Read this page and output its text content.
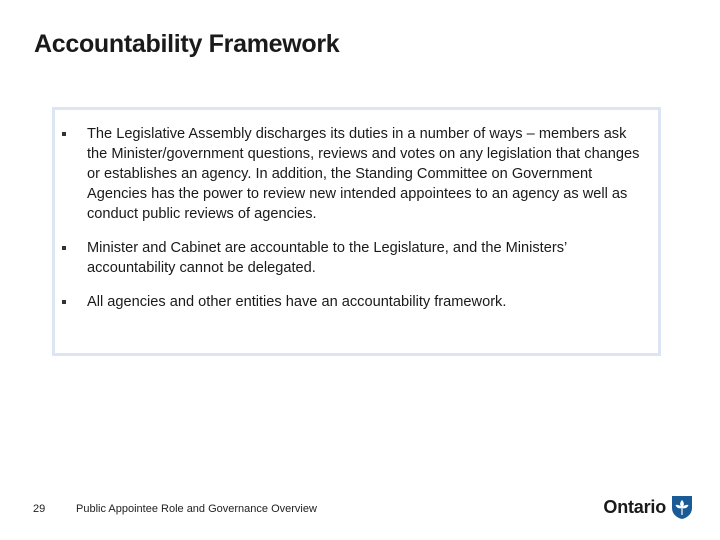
Accountability Framework
The Legislative Assembly discharges its duties in a number of ways – members ask the Minister/government questions, reviews and votes on any legislation that changes or establishes an agency. In addition, the Standing Committee on Government Agencies has the power to review new intended appointees to an agency as well as conduct public reviews of agencies.
Minister and Cabinet are accountable to the Legislature, and the Ministers’ accountability cannot be delegated.
All agencies and other entities have an accountability framework.
29	Public Appointee Role and Governance Overview	Ontario
